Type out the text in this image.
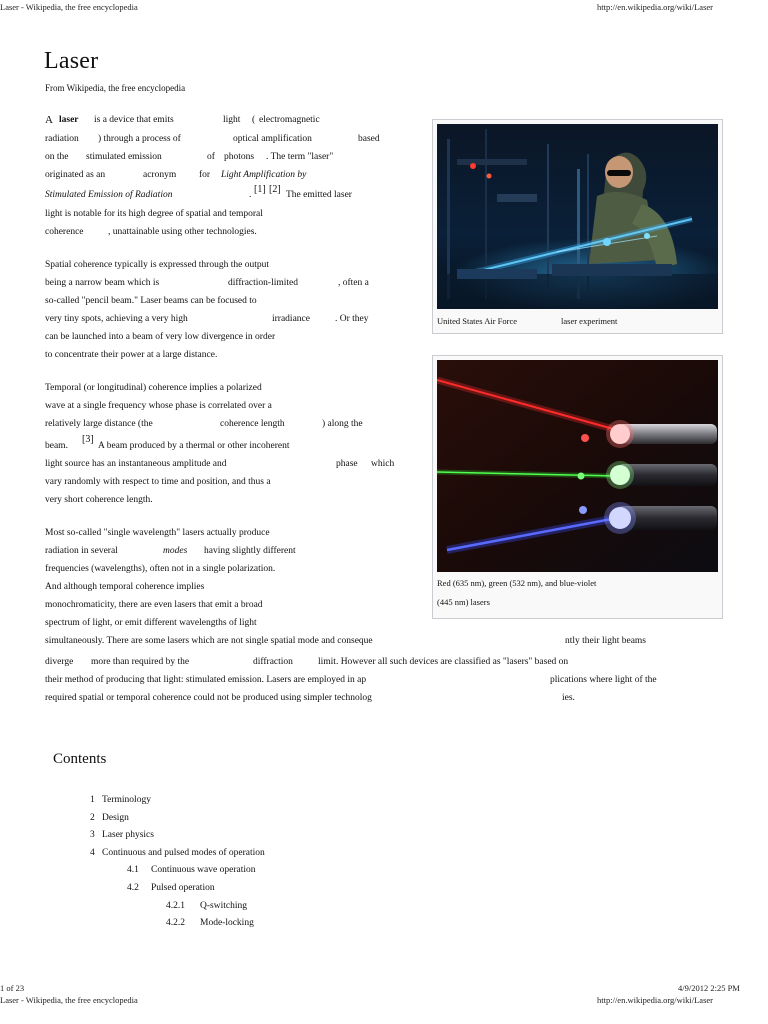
Laser - Wikipedia, the free encyclopedia	http://en.wikipedia.org/wiki/Laser
Laser
From Wikipedia, the free encyclopedia
A laser is a device that emits	light ( electromagnetic
radiation ) through a process of	optical amplification	based
on the stimulated emission	of photons . The term "laser"
originated as an	acronym for Light Amplification by
Stimulated Emission of Radiation	. [1] [2] The emitted laser
light is notable for its high degree of spatial and temporal
coherence	, unattainable using other technologies.
Spatial coherence typically is expressed through the output
being a narrow beam which is	diffraction-limited	, often a
so-called "pencil beam." Laser beams can be focused to
very tiny spots, achieving a very high	irradiance	. Or they
can be launched into a beam of very low divergence in order
to concentrate their power at a large distance.
Temporal (or longitudinal) coherence implies a polarized
wave at a single frequency whose phase is correlated over a
relatively large distance (the	coherence length	) along the
beam.
[3]
A beam produced by a thermal or other incoherent
light source has an instantaneous amplitude and	phase which
vary randomly with respect to time and position, and thus a
very short coherence length.
Most so-called "single wavelength" lasers actually produce
radiation in several	modes having slightly different
frequencies (wavelengths), often not in a single polarization.
And although temporal coherence implies
monochromaticity, there are even lasers that emit a broad
spectrum of light, or emit different wavelengths of light
simultaneously. There are some lasers which are not single spatial mode and conseque	ntly their light beams
diverge more than required by the	diffraction	limit. However all such devices are classified as "lasers" based on
their method of producing that light: stimulated emission. Lasers are employed in ap	plications where light of the
required spatial or temporal coherence could not be produced using simpler technolog	ies.
United States Air Force	laser experiment
Red (635 nm), green (532 nm), and blue-violet
(445 nm) lasers
Contents
1 Terminology
2 Design
3 Laser physics
4 Continuous and pulsed modes of operation
4.1 Continuous wave operation
4.2 Pulsed operation
4.2.1 Q-switching
4.2.2 Mode-locking
1 of 23	4/9/2012 2:25 PM
Laser - Wikipedia, the free encyclopedia	http://en.wikipedia.org/wiki/Laser
